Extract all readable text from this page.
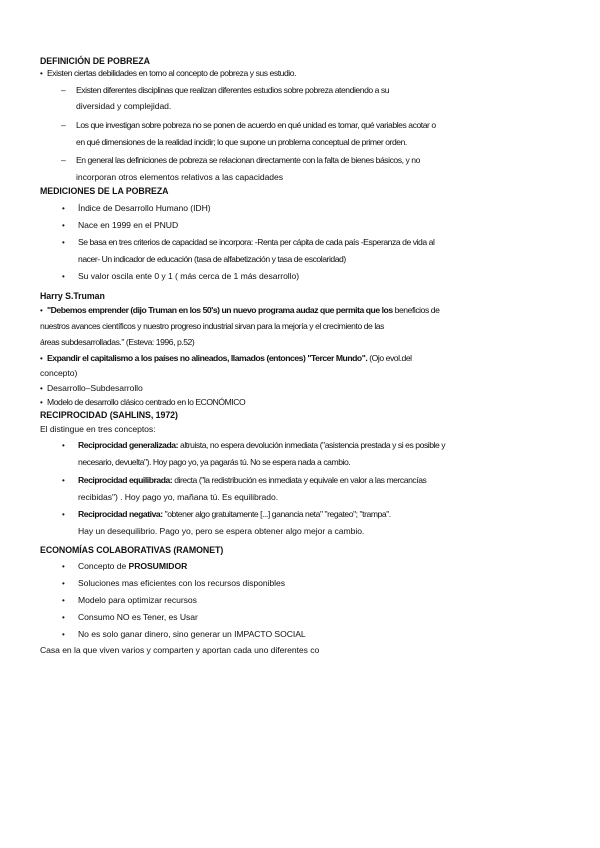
DEFINICIÓN DE POBREZA
• Existen ciertas debilidades en torno al concepto de pobreza y sus estudio.
– Existen diferentes disciplinas que realizan diferentes estudios sobre pobreza atendiendo a su
diversidad y complejidad.
– Los que investigan sobre pobreza no se ponen de acuerdo en qué unidad es tomar, qué variables acotar o
en qué dimensiones de la realidad incidir; lo que supone un problema conceptual de primer orden.
– En general las definiciones de pobreza se relacionan directamente con la falta de bienes básicos, y no
incorporan otros elementos relativos a las capacidades
MEDICIONES DE LA POBREZA
• Índice de Desarrollo Humano (IDH)
• Nace en 1999 en el PNUD
• Se basa en tres criterios de capacidad se incorpora: -Renta per cápita de cada país -Esperanza de vida al
nacer- Un indicador de educación (tasa de alfabetización y tasa de escolaridad)
• Su valor oscila ente 0 y 1 ( más cerca de 1 más desarrollo)
Harry S.Truman
• "Debemos emprender (dijo Truman en los 50's) un nuevo programa audaz que permita que los beneficios de
nuestros avances científicos y nuestro progreso industrial sirvan para la mejoría y el crecimiento de las
áreas subdesarrolladas." (Esteva: 1996, p.52)
• Expandir el capitalismo a los países no alineados, llamados (entonces) "Tercer Mundo". (Ojo evol.del
concepto)
• Desarrollo–Subdesarrollo
• Modelo de desarrollo clásico centrado en lo ECONÓMICO
RECIPROCIDAD (SAHLINS, 1972)
El distingue en tres conceptos:
• Reciprocidad generalizada: altruista, no espera devolución inmediata ("asistencia prestada y si es posible y
necesario, devuelta"). Hoy pago yo, ya pagarás tú. No se espera nada a cambio.
• Reciprocidad equilibrada: directa ("la redistribución es inmediata y equivale en valor a las mercancías
recibidas") . Hoy pago yo, mañana tú. Es equilibrado.
• Reciprocidad negativa: "obtener algo gratuitamente [...] ganancia neta" "regateo"; "trampa".
Hay un desequilibrio. Pago yo, pero se espera obtener algo mejor a cambio.
ECONOMÍAS COLABORATIVAS (RAMONET)
• Concepto de PROSUMIDOR
• Soluciones mas eficientes con los recursos disponibles
• Modelo para optimizar recursos
• Consumo NO es Tener, es Usar
• No es solo ganar dinero, sino generar un IMPACTO SOCIAL
Casa en la que viven varios y comparten y aportan cada uno diferentes co
